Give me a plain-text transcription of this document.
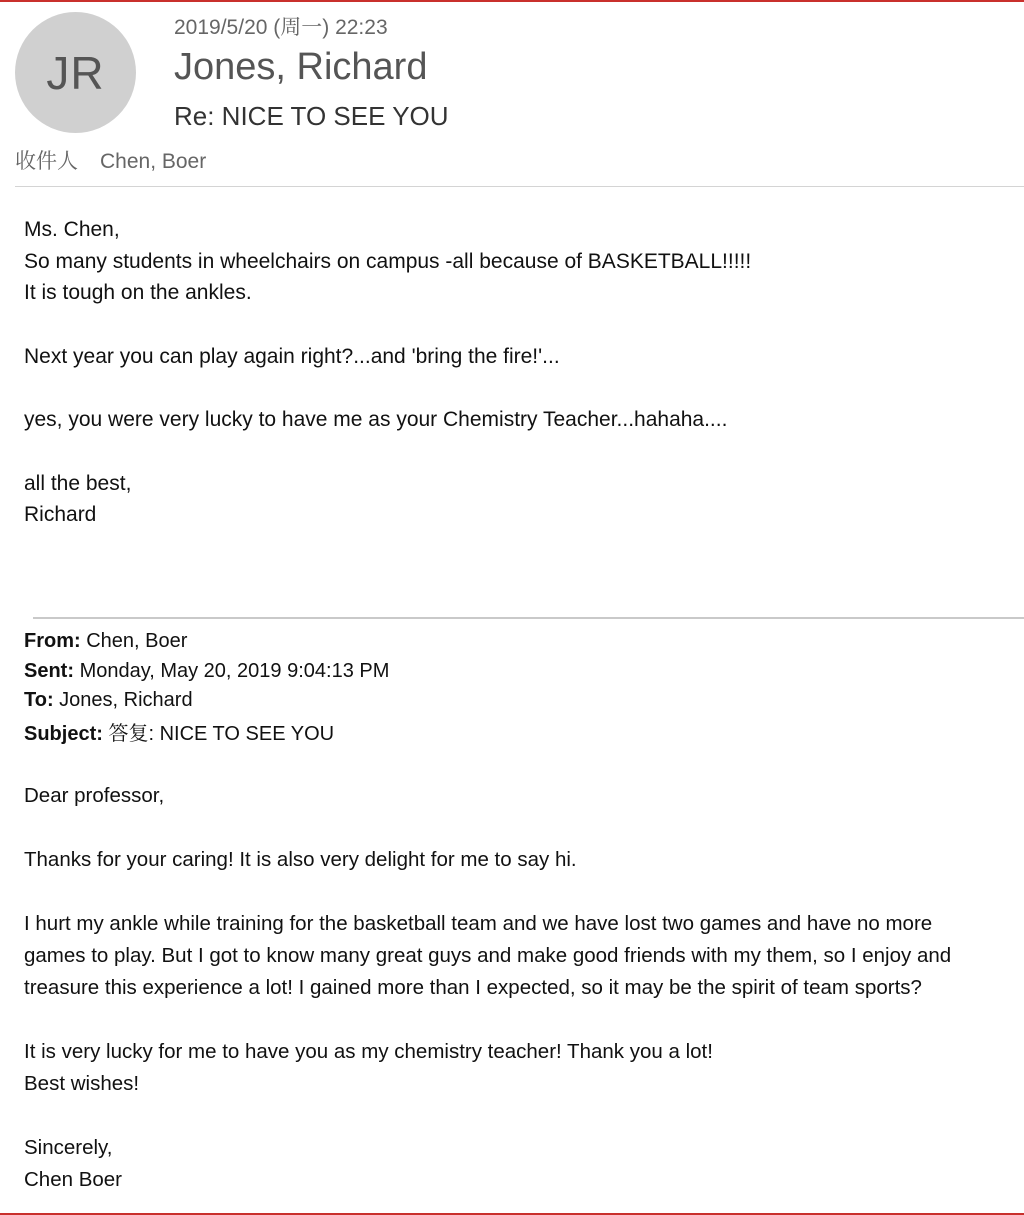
JR
2019/5/20 (周一) 22:23
Jones, Richard
Re: NICE TO SEE YOU
收件人 Chen, Boer

Ms. Chen,

So many students in wheelchairs on campus -all because of BASKETBALL!!!!!

It is tough on the ankles.

Next year you can play again right?...and 'bring the fire!'...

yes, you were very lucky to have me as your Chemistry Teacher...hahaha....

all the best,

Richard

From: Chen, Boer
Sent: Monday, May 20, 2019 9:04:13 PM
To: Jones, Richard
Subject: 答复: NICE TO SEE YOU

Dear professor,

Thanks for your caring! It is also very delight for me to say hi.

I hurt my ankle while training for the basketball team and we have lost two games and have no more

games to play. But I got to know many great guys and make good friends with my them, so I enjoy and

treasure this experience a lot! I gained more than I expected, so it may be the spirit of team sports?

It is very lucky for me to have you as my chemistry teacher! Thank you a lot!

Best wishes!

Sincerely,

Chen Boer
